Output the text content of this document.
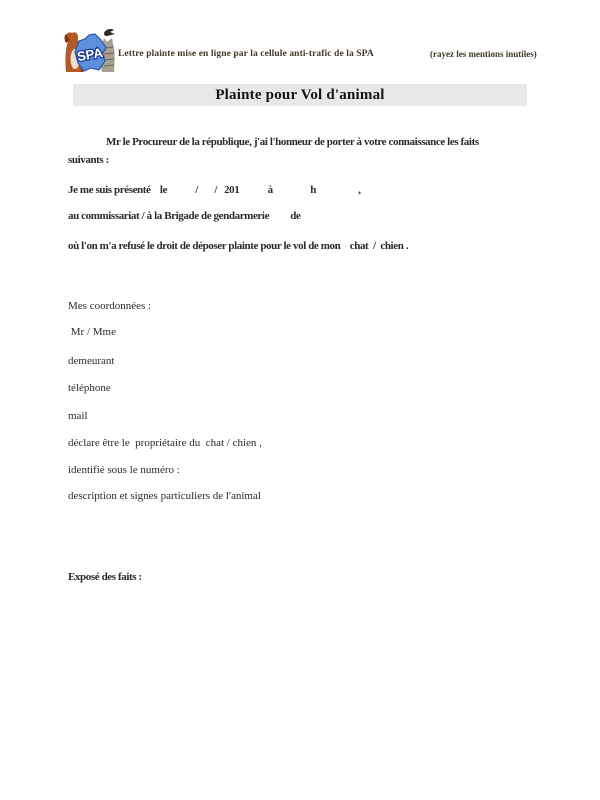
SPA Lettre plainte mise en ligne par la cellule anti-trafic de la SPA	(rayez les mentions inutiles)
Plainte pour Vol d'animal

Mr le Procureur de la république, j'ai l'honneur de porter à votre connaissance les faits

suivants :

Je me suis présenté    le            /       /   201            à                h                  ,

au commissariat / à la Brigade de gendarmerie         de

où l'on m'a refusé le droit de déposer plainte pour le vol de mon    chat  /  chien .

Mes coordonnées :

Mr / Mme

demeurant

téléphone

mail

déclare être le  propriétaire du  chat / chien ,

identifié sous le numéro :

description et signes particuliers de l'animal

Exposé des faits :
